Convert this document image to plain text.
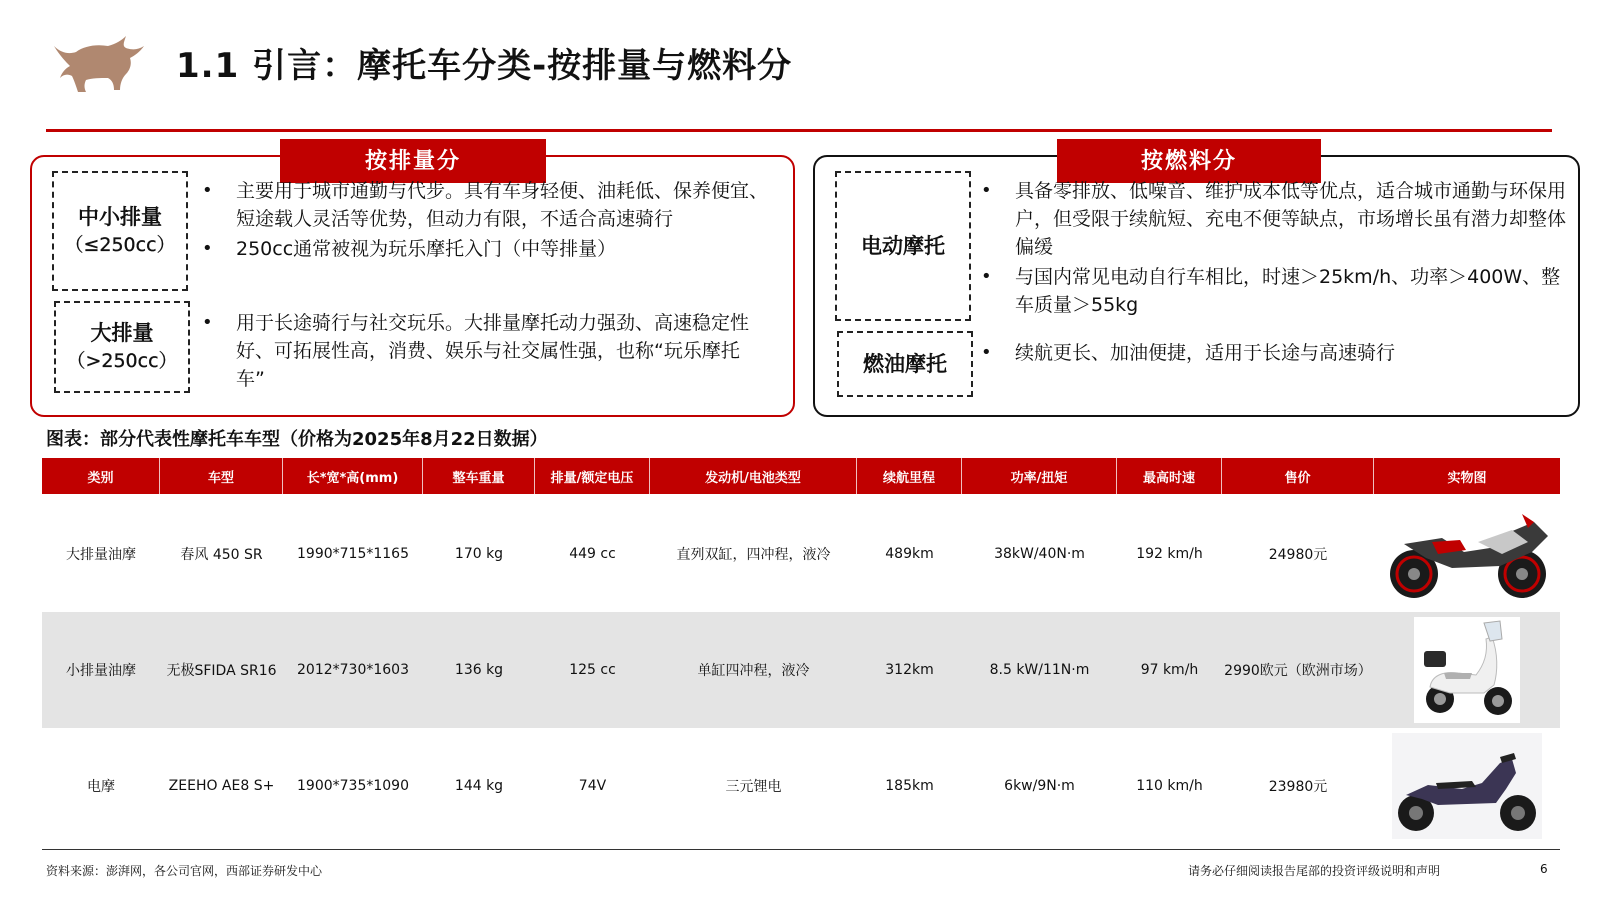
1.1 引言：摩托车分类-按排量与燃料分
按排量分
中小排量
（≤250cc）
• 主要用于城市通勤与代步。具有车身轻便、油耗低、保养便宜、短途载人灵活等优势，但动力有限，不适合高速骑行
• 250cc通常被视为玩乐摩托入门（中等排量）
大排量
（>250cc）
• 用于长途骑行与社交玩乐。大排量摩托动力强劲、高速稳定性好、可拓展性高，消费、娱乐与社交属性强，也称“玩乐摩托车”
按燃料分
电动摩托
• 具备零排放、低噪音、维护成本低等优点，适合城市通勤与环保用户，但受限于续航短、充电不便等缺点，市场增长虽有潜力却整体偏缓
• 与国内常见电动自行车相比，时速＞25km/h、功率＞400W、整车质量＞55kg
燃油摩托
•	续航更长、加油便捷，适用于长途与高速骑行
图表：部分代表性摩托车车型（价格为2025年8月22日数据）
类别	车型	长*宽*高(mm)	整车重量	排量/额定电压	发动机/电池类型	续航里程	功率/扭矩	最高时速	售价	实物图
大排量油摩	春风 450 SR	1990*715*1165	170 kg	449 cc	直列双缸，四冲程，液冷	489km	38kW/40N·m	192 km/h	24980元
小排量油摩	无极SFIDA SR16	2012*730*1603	136 kg	125 cc	单缸四冲程，液冷	312km	8.5 kW/11N·m	97 km/h	2990欧元（欧洲市场）
电摩	ZEEHO AE8 S+	1900*735*1090	144 kg	74V	三元锂电	185km	6kw/9N·m	110 km/h	23980元
资料来源：澎湃网，各公司官网，西部证券研发中心	请务必仔细阅读报告尾部的投资评级说明和声明	6
